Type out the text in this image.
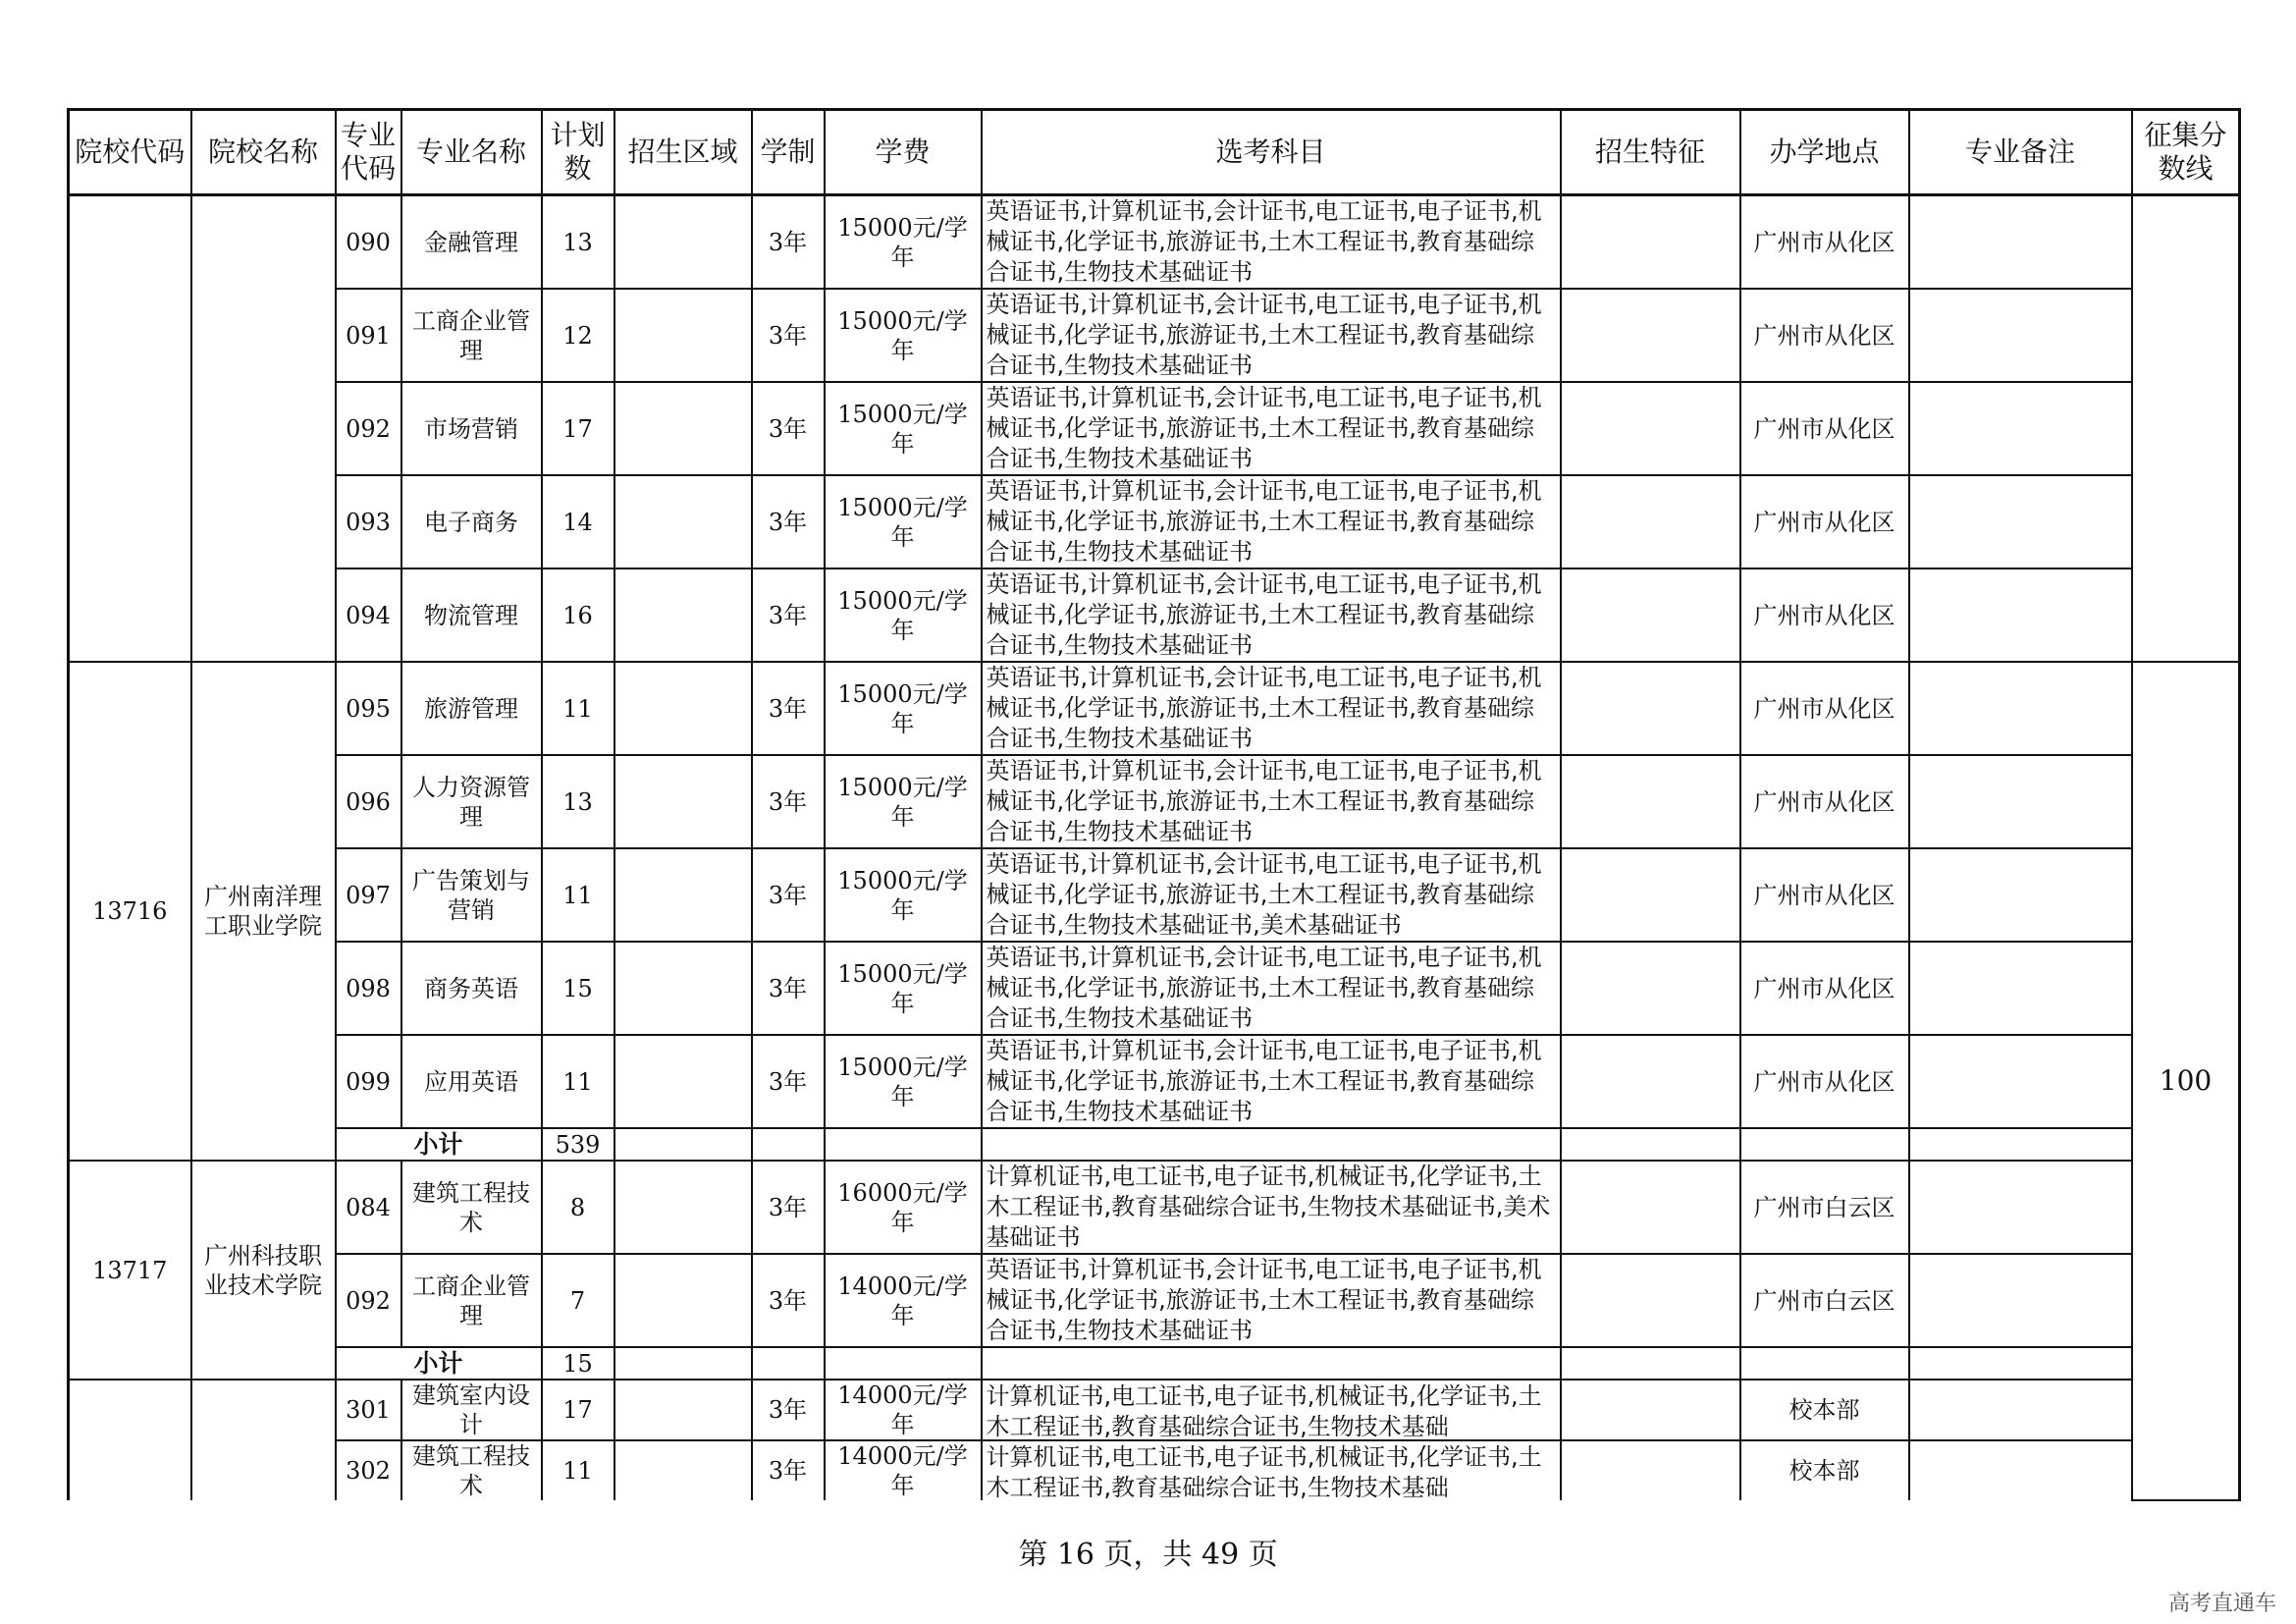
院校代码	院校名称	专业代码	专业名称	计划数	招生区域	学制	学费	选考科目	招生特征	办学地点	专业备注	征集分数线	
		090	金融管理	13		3年	15000元/学年	英语证书,计算机证书,会计证书,电工证书,电子证书,机械证书,化学证书,旅游证书,土木工程证书,教育基础综合证书,生物技术基础证书		广州市从化区			
		091	工商企业管理	12		3年	15000元/学年	英语证书,计算机证书,会计证书,电工证书,电子证书,机械证书,化学证书,旅游证书,土木工程证书,教育基础综合证书,生物技术基础证书		广州市从化区			
		092	市场营销	17		3年	15000元/学年	英语证书,计算机证书,会计证书,电工证书,电子证书,机械证书,化学证书,旅游证书,土木工程证书,教育基础综合证书,生物技术基础证书		广州市从化区			
		093	电子商务	14		3年	15000元/学年	英语证书,计算机证书,会计证书,电工证书,电子证书,机械证书,化学证书,旅游证书,土木工程证书,教育基础综合证书,生物技术基础证书		广州市从化区			
		094	物流管理	16		3年	15000元/学年	英语证书,计算机证书,会计证书,电工证书,电子证书,机械证书,化学证书,旅游证书,土木工程证书,教育基础综合证书,生物技术基础证书		广州市从化区			
13716	广州南洋理工职业学院	095	旅游管理	11		3年	15000元/学年	英语证书,计算机证书,会计证书,电工证书,电子证书,机械证书,化学证书,旅游证书,土木工程证书,教育基础综合证书,生物技术基础证书		广州市从化区		100	
		096	人力资源管理	13		3年	15000元/学年	英语证书,计算机证书,会计证书,电工证书,电子证书,机械证书,化学证书,旅游证书,土木工程证书,教育基础综合证书,生物技术基础证书		广州市从化区			
		097	广告策划与营销	11		3年	15000元/学年	英语证书,计算机证书,会计证书,电工证书,电子证书,机械证书,化学证书,旅游证书,土木工程证书,教育基础综合证书,生物技术基础证书,美术基础证书		广州市从化区			
		098	商务英语	15		3年	15000元/学年	英语证书,计算机证书,会计证书,电工证书,电子证书,机械证书,化学证书,旅游证书,土木工程证书,教育基础综合证书,生物技术基础证书		广州市从化区			
		099	应用英语	11		3年	15000元/学年	英语证书,计算机证书,会计证书,电工证书,电子证书,机械证书,化学证书,旅游证书,土木工程证书,教育基础综合证书,生物技术基础证书		广州市从化区			
		小计		539									
13717	广州科技职业技术学院	084	建筑工程技术	8		3年	16000元/学年	计算机证书,电工证书,电子证书,机械证书,化学证书,土木工程证书,教育基础综合证书,生物技术基础证书,美术基础证书		广州市白云区			
		092	工商企业管理	7		3年	14000元/学年	英语证书,计算机证书,会计证书,电工证书,电子证书,机械证书,化学证书,旅游证书,土木工程证书,教育基础综合证书,生物技术基础证书		广州市白云区			
		小计		15									
		301	建筑室内设计	17		3年	14000元/学年	计算机证书,电工证书,电子证书,机械证书,化学证书,土木工程证书,教育基础综合证书,生物技术基础		校本部			
		302	建筑工程技术	11		3年	14000元/学年	计算机证书,电工证书,电子证书,机械证书,化学证书,土木工程证书,教育基础综合证书,生物技术基础		校本部			
第 16 页，共 49 页
高考直通车
